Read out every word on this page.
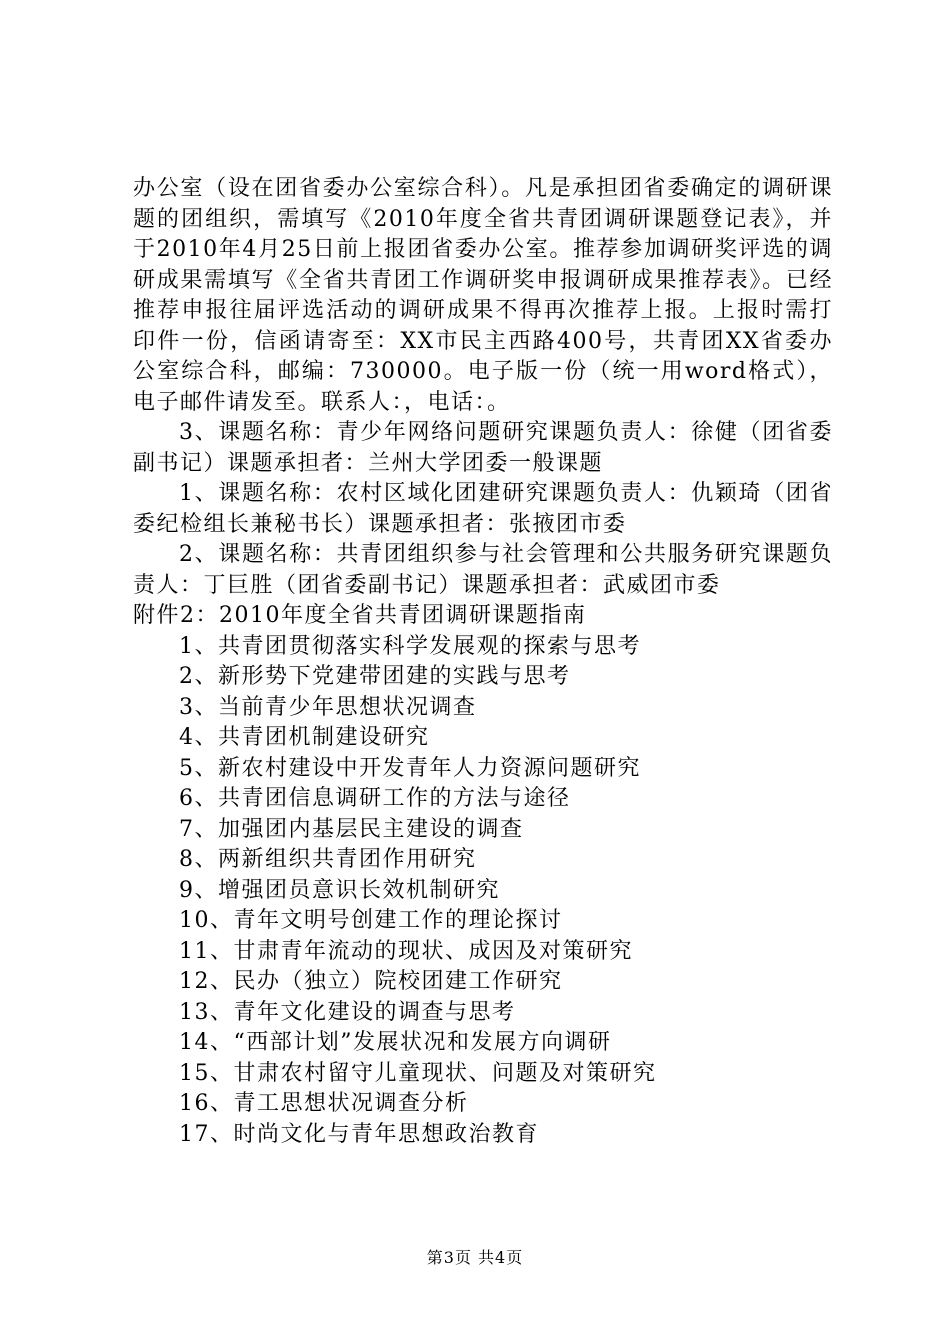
办公室（设在团省委办公室综合科）。凡是承担团省委确定的调研课题的团组织，需填写《2010年度全省共青团调研课题登记表》，并于2010年4月25日前上报团省委办公室。推荐参加调研奖评选的调研成果需填写《全省共青团工作调研奖申报调研成果推荐表》。已经推荐申报往届评选活动的调研成果不得再次推荐上报。上报时需打印件一份，信函请寄至：XX市民主西路400号，共青团XX省委办公室综合科，邮编：730000。电子版一份（统一用word格式），电子邮件请发至。联系人：，电话：。

3、课题名称：青少年网络问题研究课题负责人：徐健（团省委副书记）课题承担者：兰州大学团委一般课题

1、课题名称：农村区域化团建研究课题负责人：仇颖琦（团省委纪检组长兼秘书长）课题承担者：张掖团市委

2、课题名称：共青团组织参与社会管理和公共服务研究课题负责人：丁巨胜（团省委副书记）课题承担者：武威团市委

附件2：2010年度全省共青团调研课题指南

1、共青团贯彻落实科学发展观的探索与思考
2、新形势下党建带团建的实践与思考
3、当前青少年思想状况调查
4、共青团机制建设研究
5、新农村建设中开发青年人力资源问题研究
6、共青团信息调研工作的方法与途径
7、加强团内基层民主建设的调查
8、两新组织共青团作用研究
9、增强团员意识长效机制研究
10、青年文明号创建工作的理论探讨
11、甘肃青年流动的现状、成因及对策研究
12、民办（独立）院校团建工作研究
13、青年文化建设的调查与思考
14、“西部计划”发展状况和发展方向调研
15、甘肃农村留守儿童现状、问题及对策研究
16、青工思想状况调查分析
17、时尚文化与青年思想政治教育
第3页 共4页
